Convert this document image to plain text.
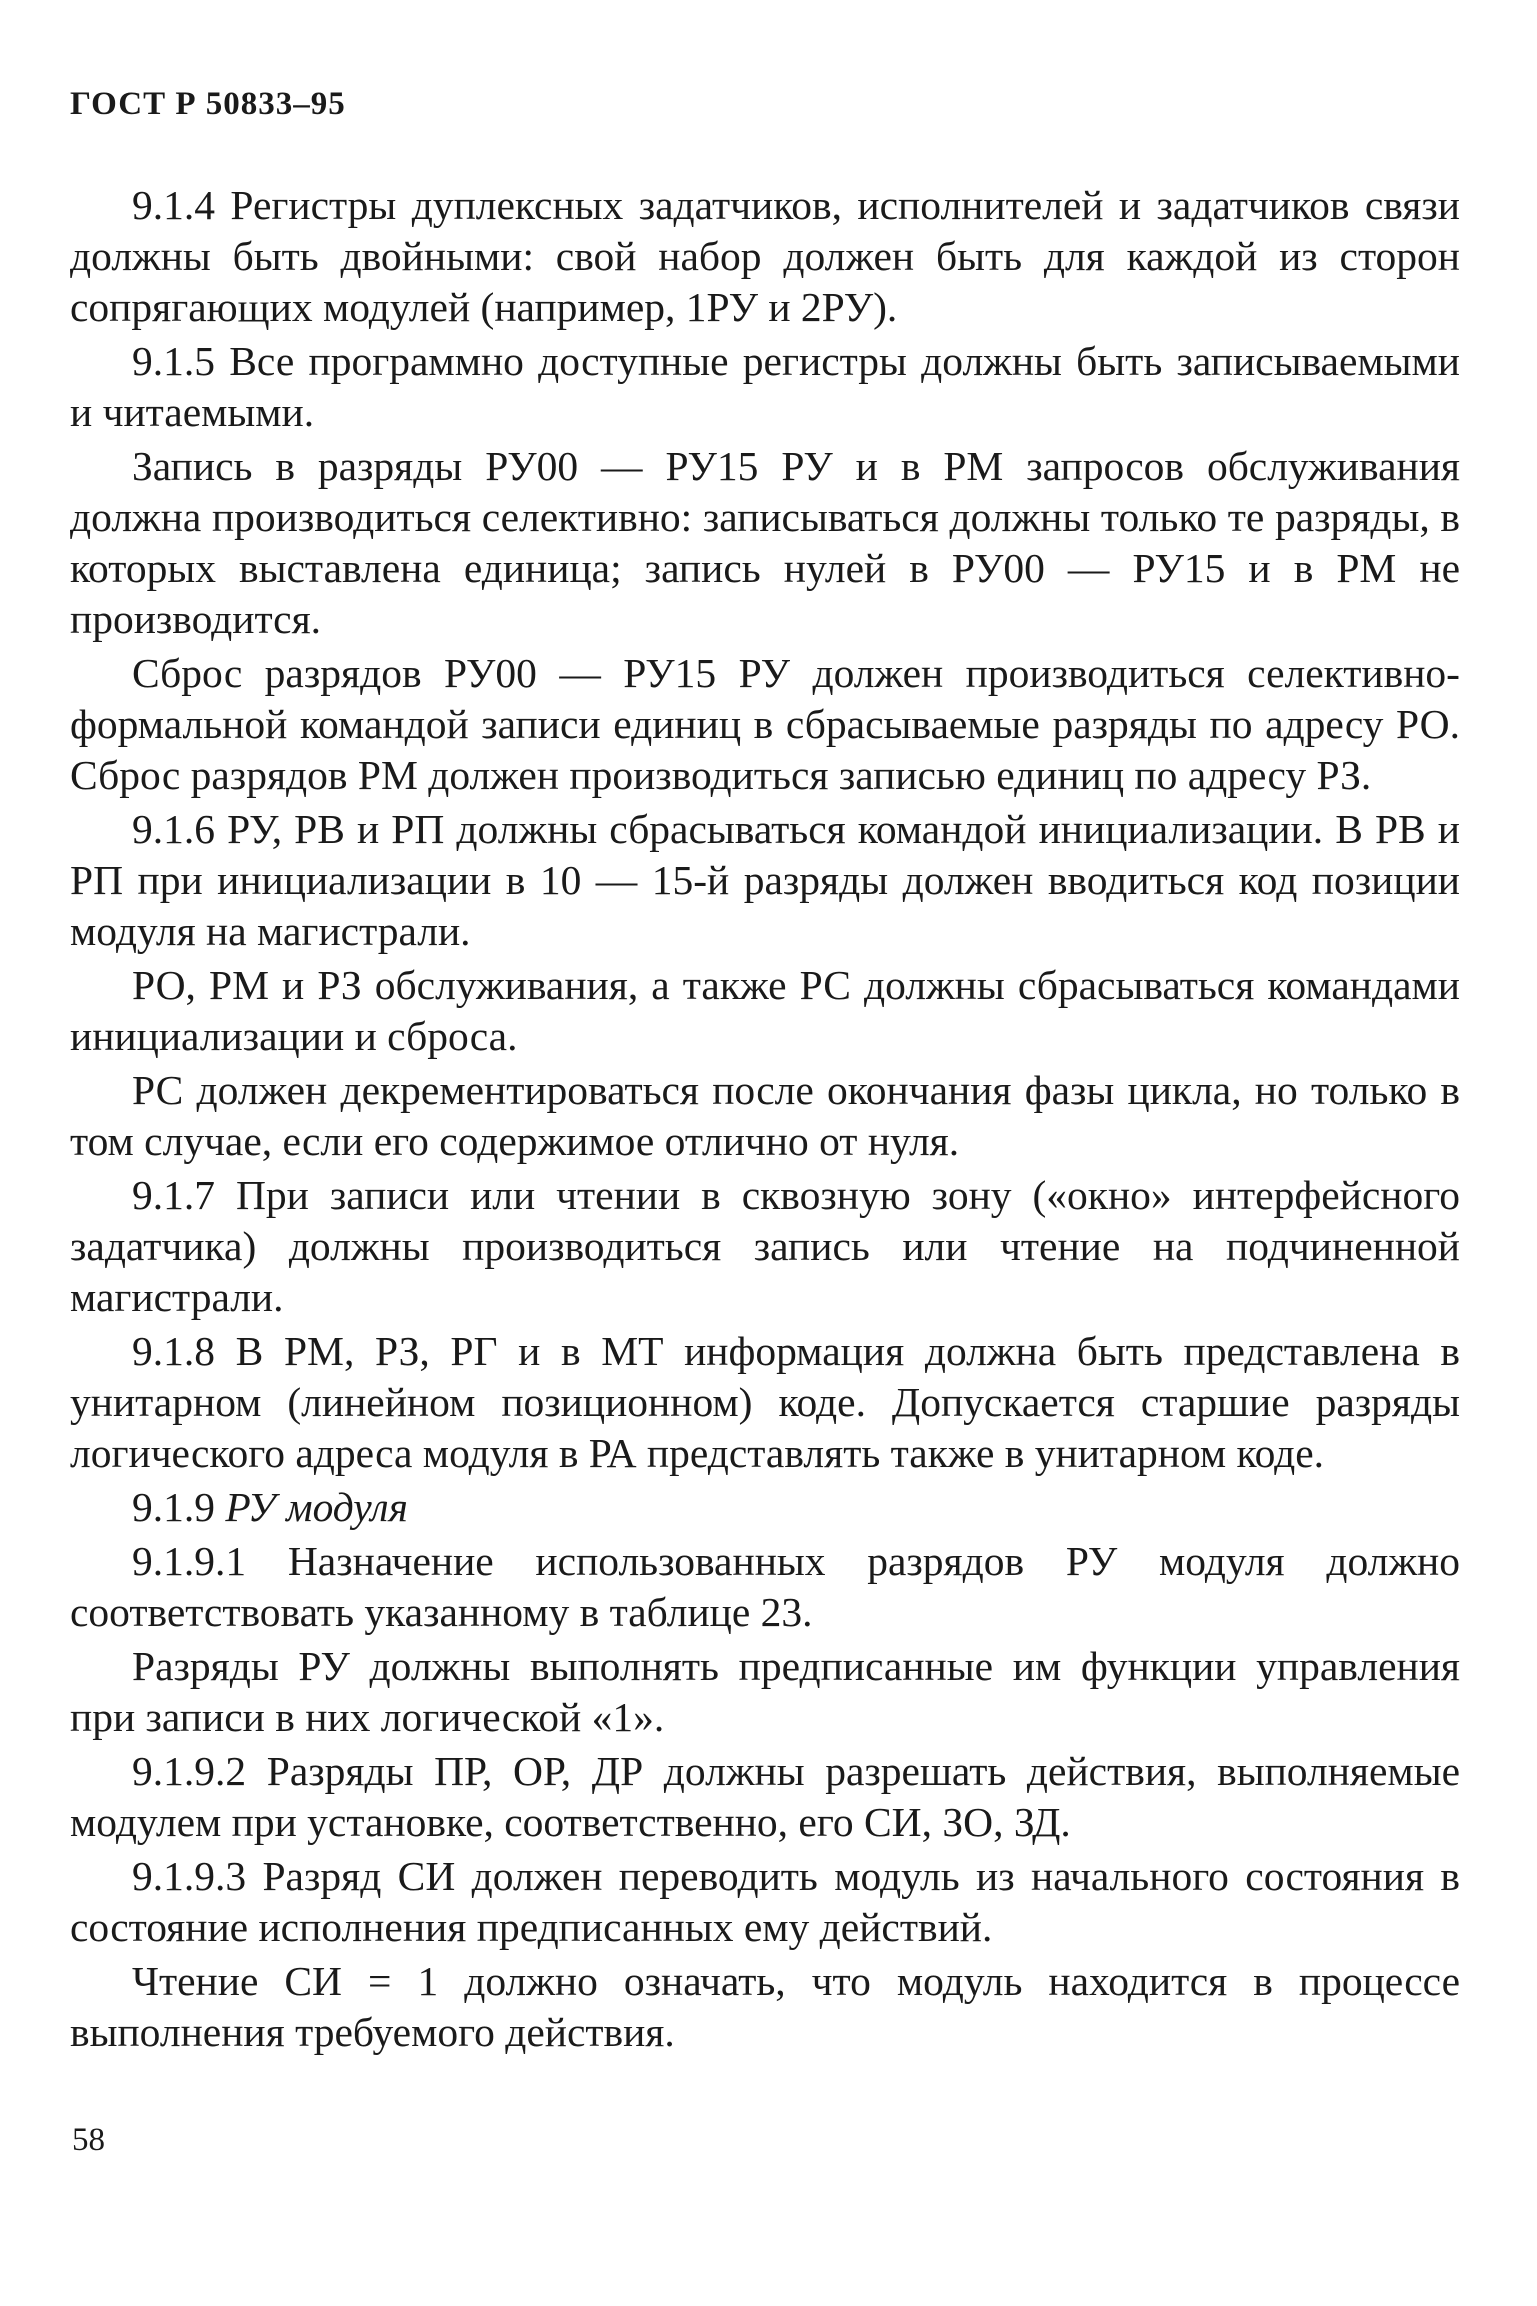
ГОСТ Р 50833–95

9.1.4 Регистры дуплексных задатчиков, исполнителей и задатчиков связи должны быть двойными: свой набор должен быть для каждой из сторон сопрягающих модулей (например, 1РУ и 2РУ).

9.1.5 Все программно доступные регистры должны быть записываемыми и читаемыми.

Запись в разряды РУ00 — РУ15 РУ и в РМ запросов обслуживания должна производиться селективно: записываться должны только те разряды, в которых выставлена единица; запись нулей в РУ00 — РУ15 и в РМ не производится.

Сброс разрядов РУ00 — РУ15 РУ должен производиться селективно-формальной командой записи единиц в сбрасываемые разряды по адресу РО. Сброс разрядов РМ должен производиться записью единиц по адресу РЗ.

9.1.6 РУ, РВ и РП должны сбрасываться командой инициализации. В РВ и РП при инициализации в 10 — 15-й разряды должен вводиться код позиции модуля на магистрали.

РО, РМ и РЗ обслуживания, а также РС должны сбрасываться командами инициализации и сброса.

РС должен декрементироваться после окончания фазы цикла, но только в том случае, если его содержимое отлично от нуля.

9.1.7 При записи или чтении в сквозную зону («окно» интерфейсного задатчика) должны производиться запись или чтение на подчиненной магистрали.

9.1.8 В РМ, РЗ, РГ и в МТ информация должна быть представлена в унитарном (линейном позиционном) коде. Допускается старшие разряды логического адреса модуля в РА представлять также в унитарном коде.

9.1.9 РУ модуля

9.1.9.1 Назначение использованных разрядов РУ модуля должно соответствовать указанному в таблице 23.

Разряды РУ должны выполнять предписанные им функции управления при записи в них логической «1».

9.1.9.2 Разряды ПР, ОР, ДР должны разрешать действия, выполняемые модулем при установке, соответственно, его СИ, ЗО, ЗД.

9.1.9.3 Разряд СИ должен переводить модуль из начального состояния в состояние исполнения предписанных ему действий.

Чтение СИ = 1 должно означать, что модуль находится в процессе выполнения требуемого действия.

58
